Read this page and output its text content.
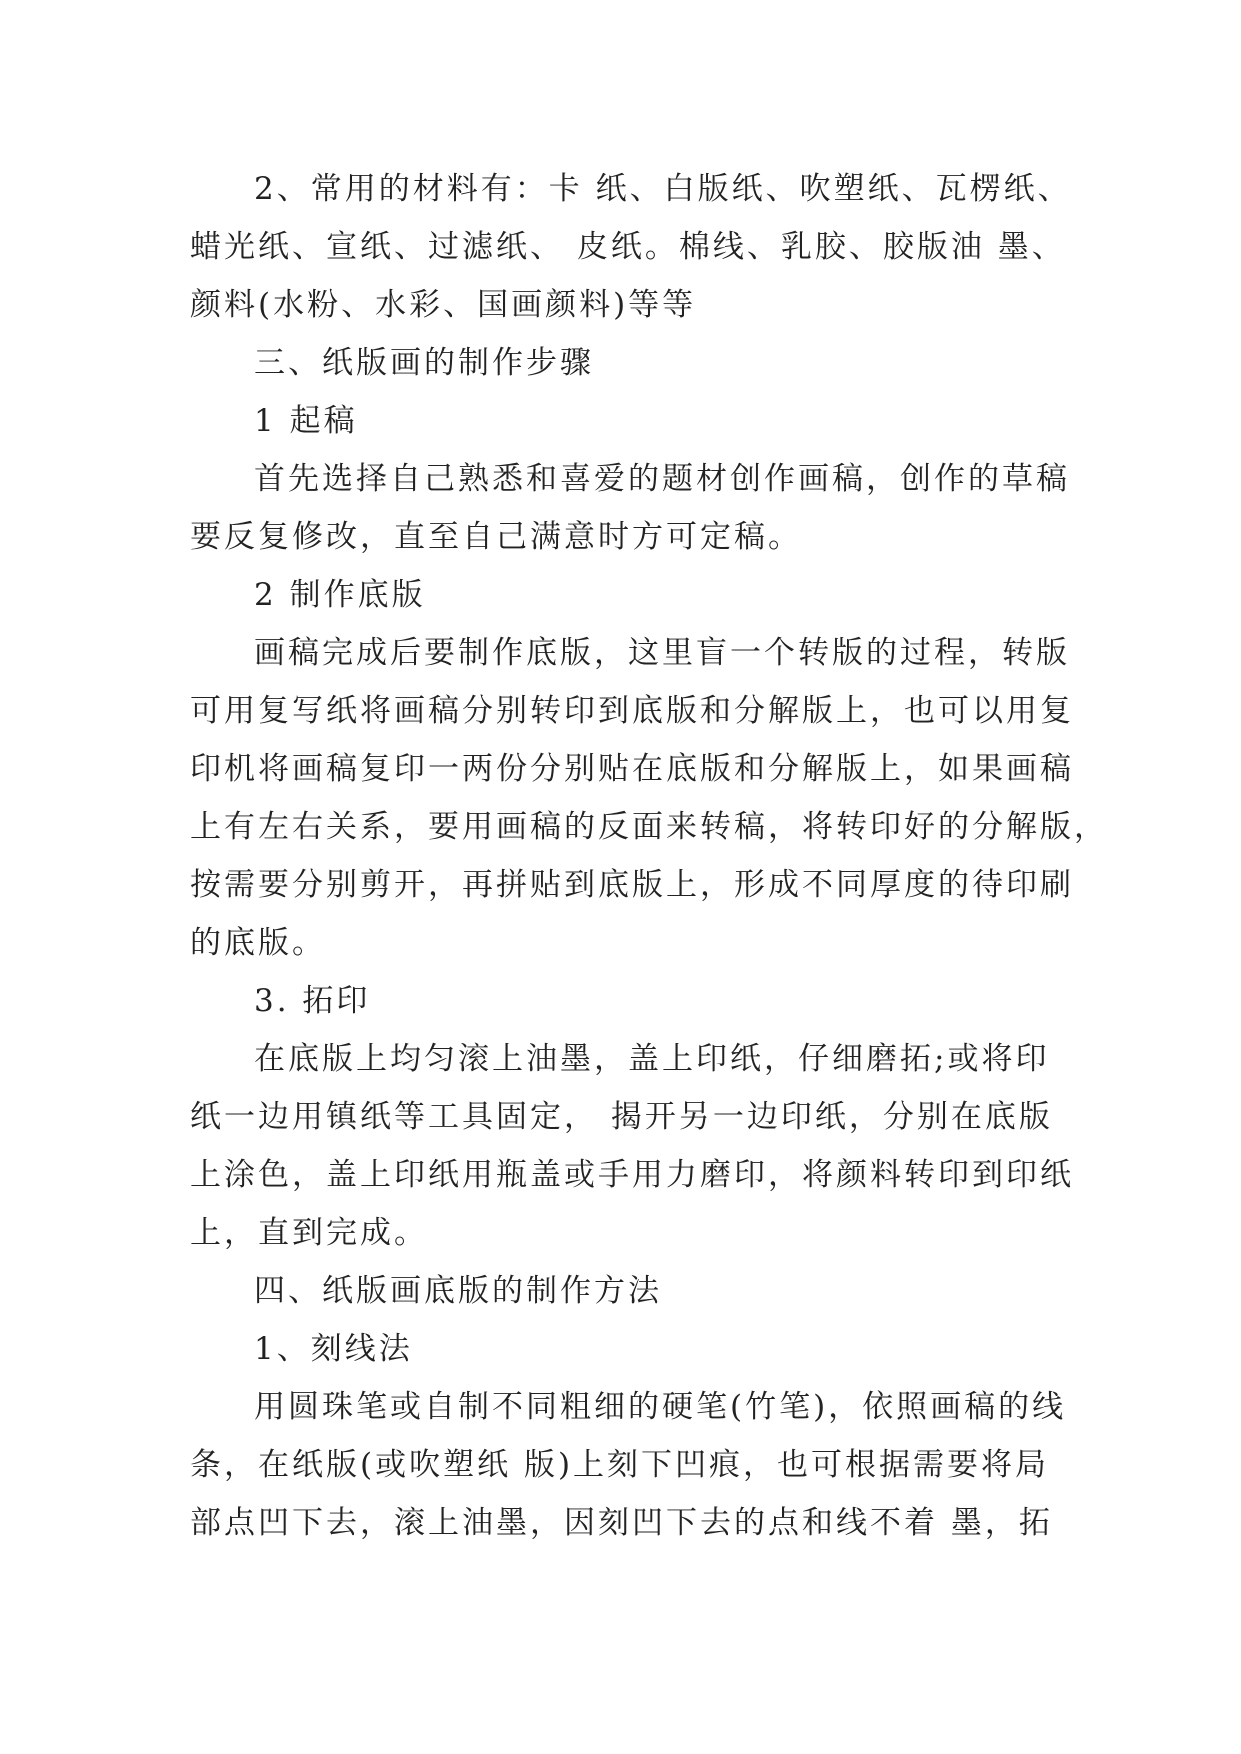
2、常用的材料有：卡 纸、白版纸、吹塑纸、瓦楞纸、
蜡光纸、宣纸、过滤纸、 皮纸。棉线、乳胶、胶版油 墨、
颜料(水粉、水彩、国画颜料)等等
三、纸版画的制作步骤
1 起稿
首先选择自己熟悉和喜爱的题材创作画稿，创作的草稿
要反复修改，直至自己满意时方可定稿。
2 制作底版
画稿完成后要制作底版，这里盲一个转版的过程，转版
可用复写纸将画稿分别转印到底版和分解版上，也可以用复
印机将画稿复印一两份分别贴在底版和分解版上，如果画稿
上有左右关系，要用画稿的反面来转稿，将转印好的分解版，
按需要分别剪开，再拼贴到底版上，形成不同厚度的待印刷
的底版。
3. 拓印
在底版上均匀滚上油墨，盖上印纸，仔细磨拓;或将印
纸一边用镇纸等工具固定， 揭开另一边印纸，分别在底版
上涂色，盖上印纸用瓶盖或手用力磨印，将颜料转印到印纸
上，直到完成。
四、纸版画底版的制作方法
1、刻线法
用圆珠笔或自制不同粗细的硬笔(竹笔)，依照画稿的线
条，在纸版(或吹塑纸 版)上刻下凹痕，也可根据需要将局
部点凹下去，滚上油墨，因刻凹下去的点和线不着 墨，拓
